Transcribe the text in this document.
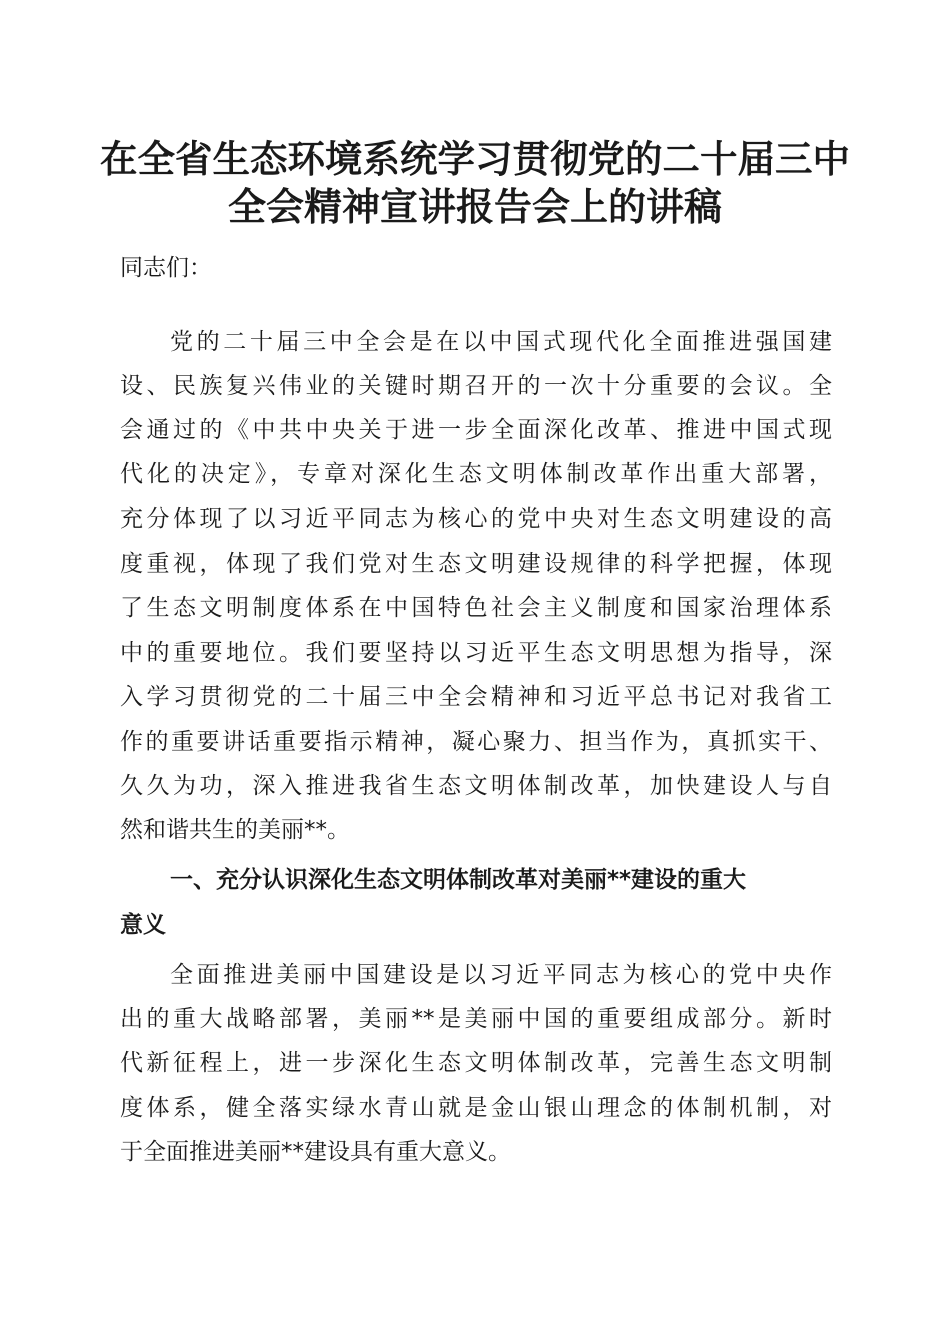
在全省生态环境系统学习贯彻党的二十届三中
全会精神宣讲报告会上的讲稿

同志们：

党的二十届三中全会是在以中国式现代化全面推进强国建

设、民族复兴伟业的关键时期召开的一次十分重要的会议。全

会通过的《中共中央关于进一步全面深化改革、推进中国式现

代化的决定》，专章对深化生态文明体制改革作出重大部署，

充分体现了以习近平同志为核心的党中央对生态文明建设的高

度重视，体现了我们党对生态文明建设规律的科学把握，体现

了生态文明制度体系在中国特色社会主义制度和国家治理体系

中的重要地位。我们要坚持以习近平生态文明思想为指导，深

入学习贯彻党的二十届三中全会精神和习近平总书记对我省工

作的重要讲话重要指示精神，凝心聚力、担当作为，真抓实干、

久久为功，深入推进我省生态文明体制改革，加快建设人与自

然和谐共生的美丽**。

一、充分认识深化生态文明体制改革对美丽**建设的重大

意义

全面推进美丽中国建设是以习近平同志为核心的党中央作

出的重大战略部署，美丽**是美丽中国的重要组成部分。新时

代新征程上，进一步深化生态文明体制改革，完善生态文明制

度体系，健全落实绿水青山就是金山银山理念的体制机制，对

于全面推进美丽**建设具有重大意义。
